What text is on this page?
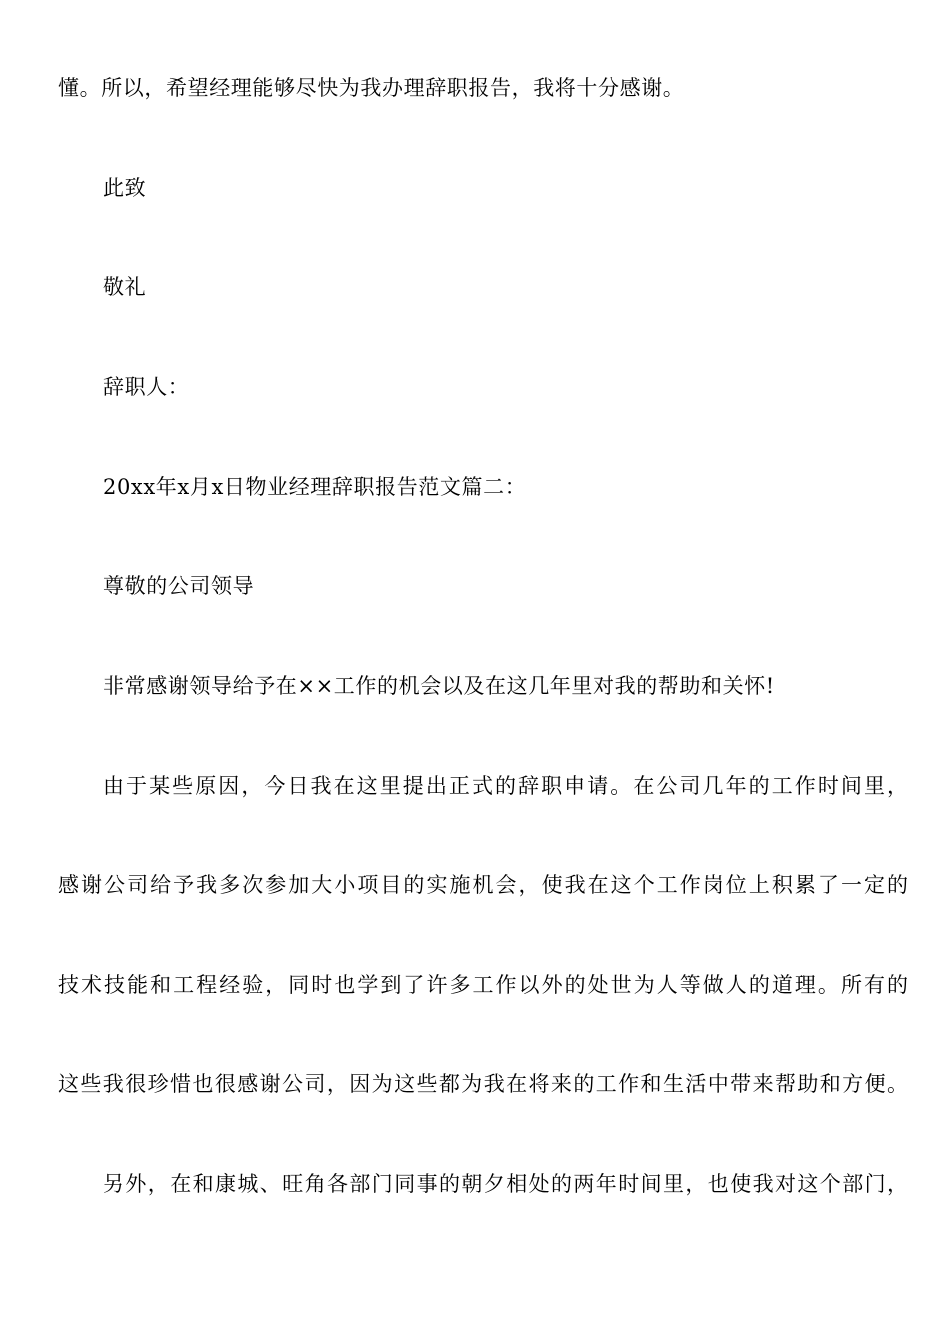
懂。所以，希望经理能够尽快为我办理辞职报告，我将十分感谢。
此致
敬礼
辞职人：
20xx年x月x日物业经理辞职报告范文篇二：
尊敬的公司领导
非常感谢领导给予在××工作的机会以及在这几年里对我的帮助和关怀!
由于某些原因，今日我在这里提出正式的辞职申请。在公司几年的工作时间里，
感谢公司给予我多次参加大小项目的实施机会，使我在这个工作岗位上积累了一定的
技术技能和工程经验，同时也学到了许多工作以外的处世为人等做人的道理。所有的
这些我很珍惜也很感谢公司，因为这些都为我在将来的工作和生活中带来帮助和方便。
另外，在和康城、旺角各部门同事的朝夕相处的两年时间里，也使我对这个部门，
